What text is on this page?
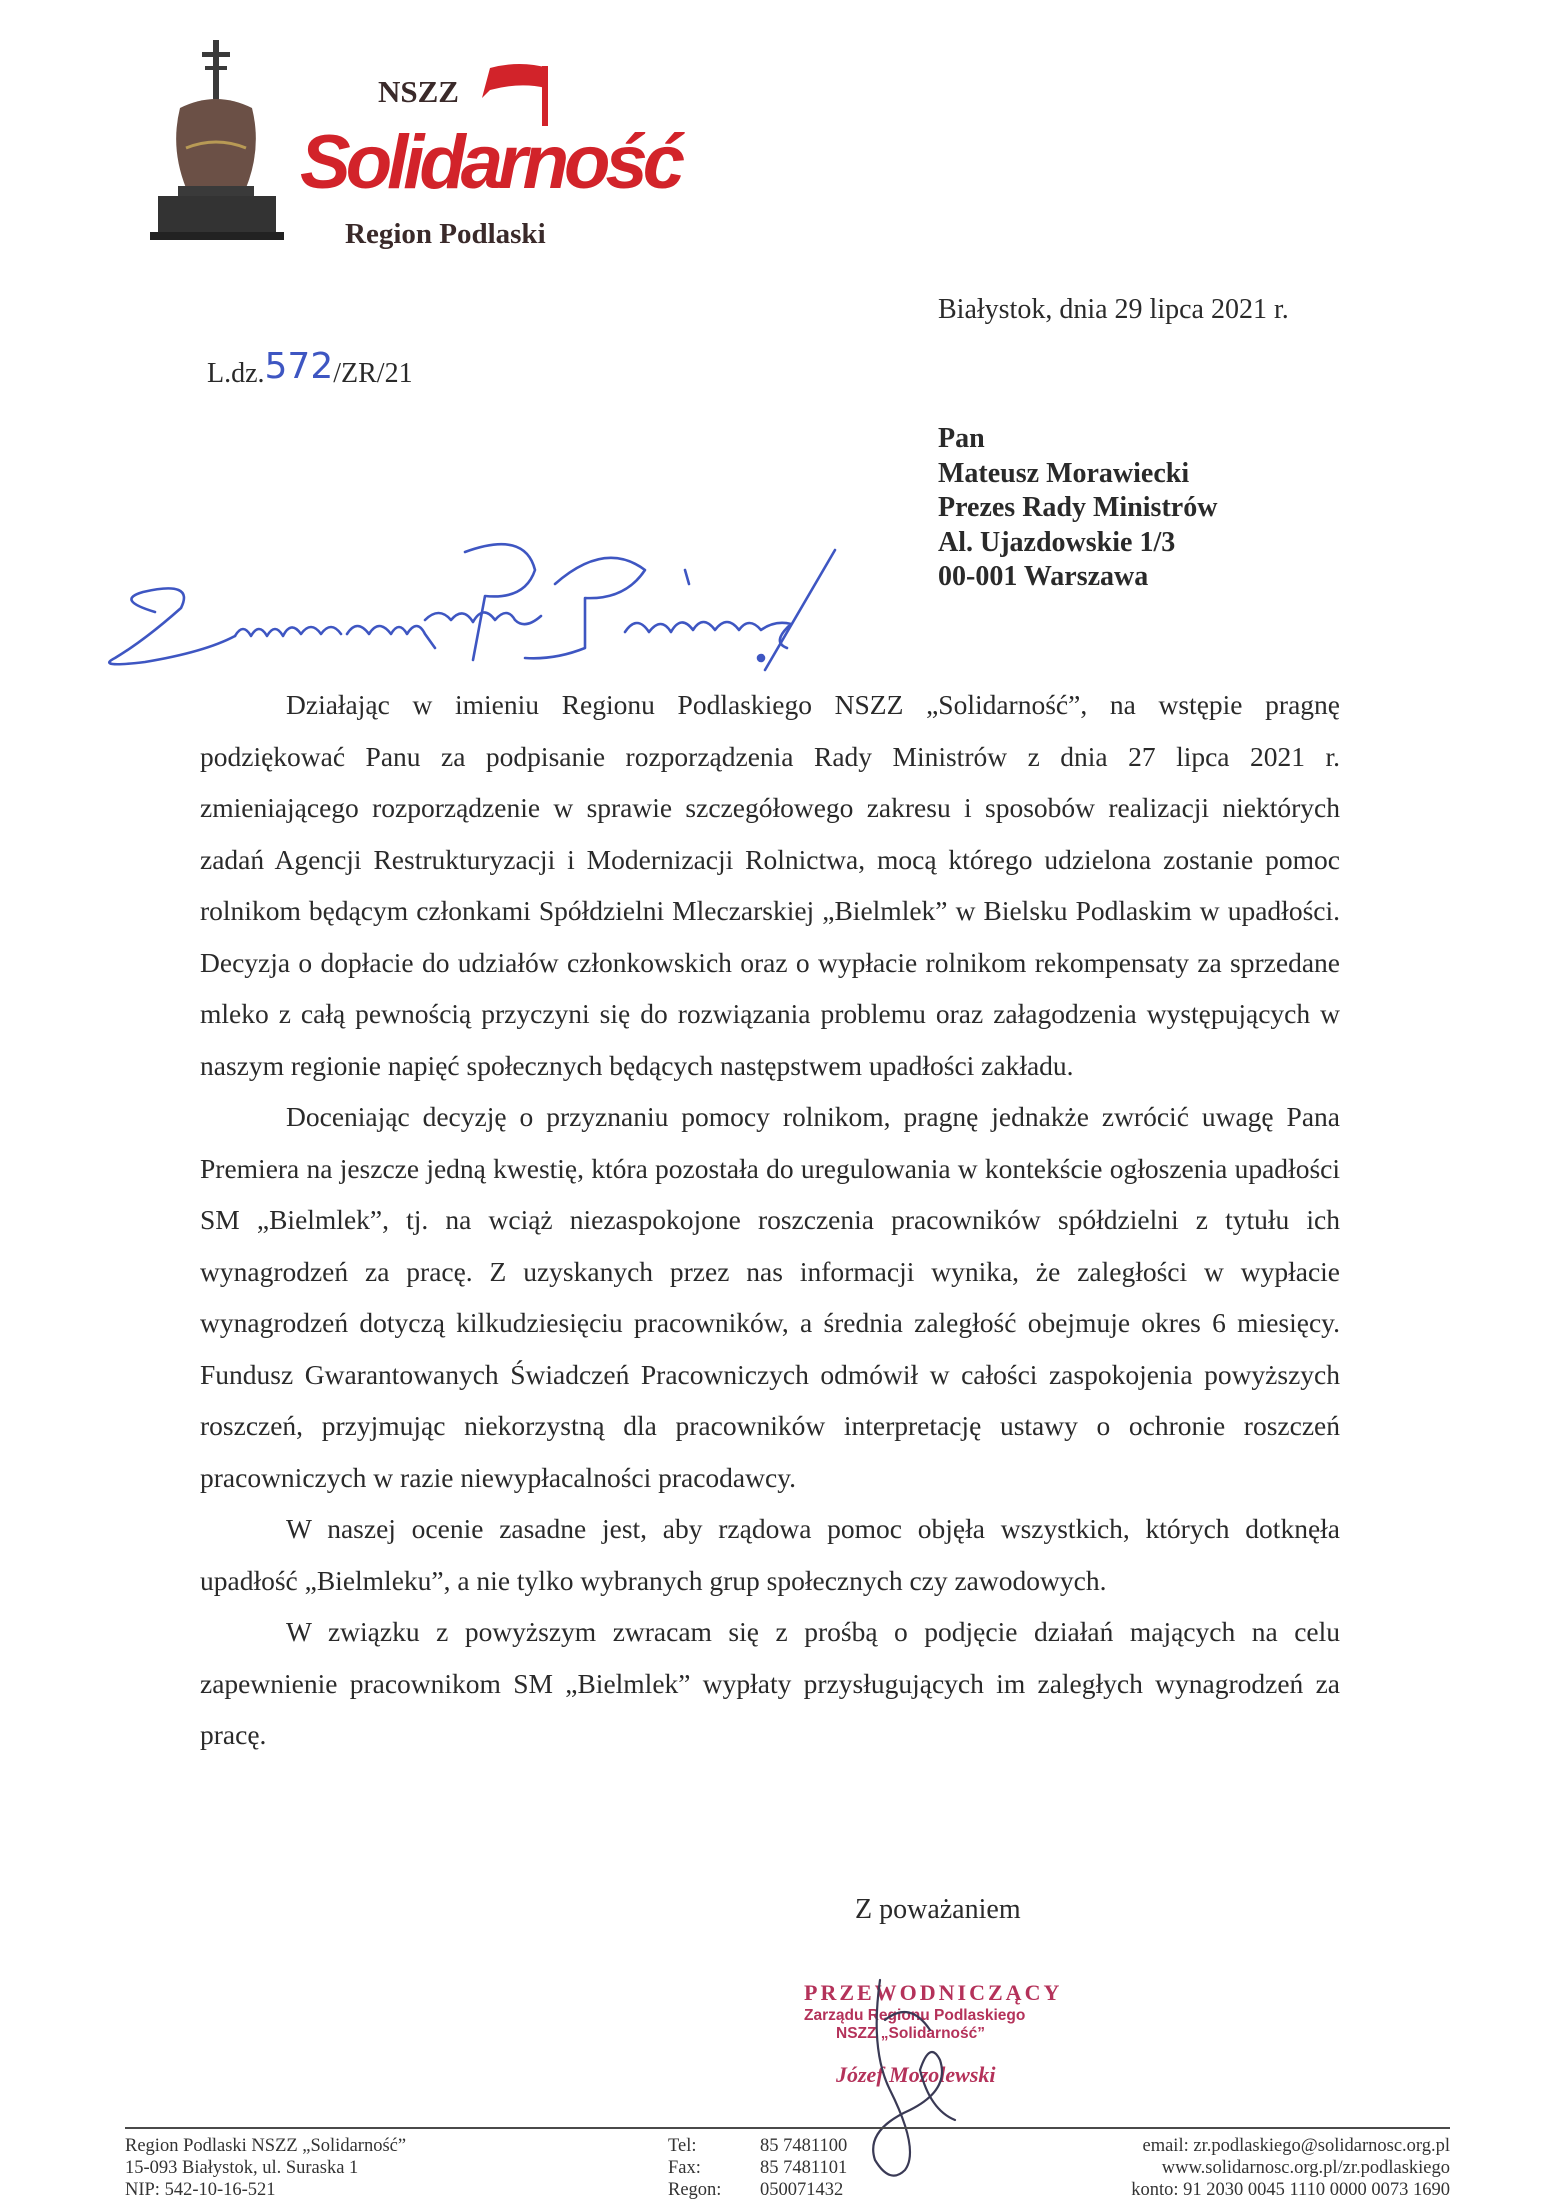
NSZZ
Solidarność
Region Podlaski
Białystok, dnia 29 lipca 2021 r.
L.dz.572/ZR/21
Pan
Mateusz Morawiecki
Prezes Rady Ministrów
Al. Ujazdowskie 1/3
00-001 Warszawa

Działając w imieniu Regionu Podlaskiego NSZZ „Solidarność”, na wstępie pragnę podziękować Panu za podpisanie rozporządzenia Rady Ministrów z dnia 27 lipca 2021 r. zmieniającego rozporządzenie w sprawie szczegółowego zakresu i sposobów realizacji niektórych zadań Agencji Restrukturyzacji i Modernizacji Rolnictwa, mocą którego udzielona zostanie pomoc rolnikom będącym członkami Spółdzielni Mleczarskiej „Bielmlek” w Bielsku Podlaskim w upadłości. Decyzja o dopłacie do udziałów członkowskich oraz o wypłacie rolnikom rekompensaty za sprzedane mleko z całą pewnością przyczyni się do rozwiązania problemu oraz załagodzenia występujących w naszym regionie napięć społecznych będących następstwem upadłości zakładu.

Doceniając decyzję o przyznaniu pomocy rolnikom, pragnę jednakże zwrócić uwagę Pana Premiera na jeszcze jedną kwestię, która pozostała do uregulowania w kontekście ogłoszenia upadłości SM „Bielmlek”, tj. na wciąż niezaspokojone roszczenia pracowników spółdzielni z tytułu ich wynagrodzeń za pracę. Z uzyskanych przez nas informacji wynika, że zaległości w wypłacie wynagrodzeń dotyczą kilkudziesięciu pracowników, a średnia zaległość obejmuje okres 6 miesięcy. Fundusz Gwarantowanych Świadczeń Pracowniczych odmówił w całości zaspokojenia powyższych roszczeń, przyjmując niekorzystną dla pracowników interpretację ustawy o ochronie roszczeń pracowniczych w razie niewypłacalności pracodawcy.

W naszej ocenie zasadne jest, aby rządowa pomoc objęła wszystkich, których dotknęła upadłość „Bielmleku”, a nie tylko wybranych grup społecznych czy zawodowych.

W związku z powyższym zwracam się z prośbą o podjęcie działań mających na celu zapewnienie pracownikom SM „Bielmlek” wypłaty przysługujących im zaległych wynagrodzeń za pracę.

Z poważaniem
PRZEWODNICZĄCY
Zarządu Regionu Podlaskiego
NSZZ „Solidarność”
Józef Mozolewski
Region Podlaski NSZZ „Solidarność”
15-093 Białystok, ul. Suraska 1
NIP: 542-10-16-521
Tel:	85 7481100
Fax:	85 7481101
Regon:	050071432
email: zr.podlaskiego@solidarnosc.org.pl
www.solidarnosc.org.pl/zr.podlaskiego
konto: 91 2030 0045 1110 0000 0073 1690
